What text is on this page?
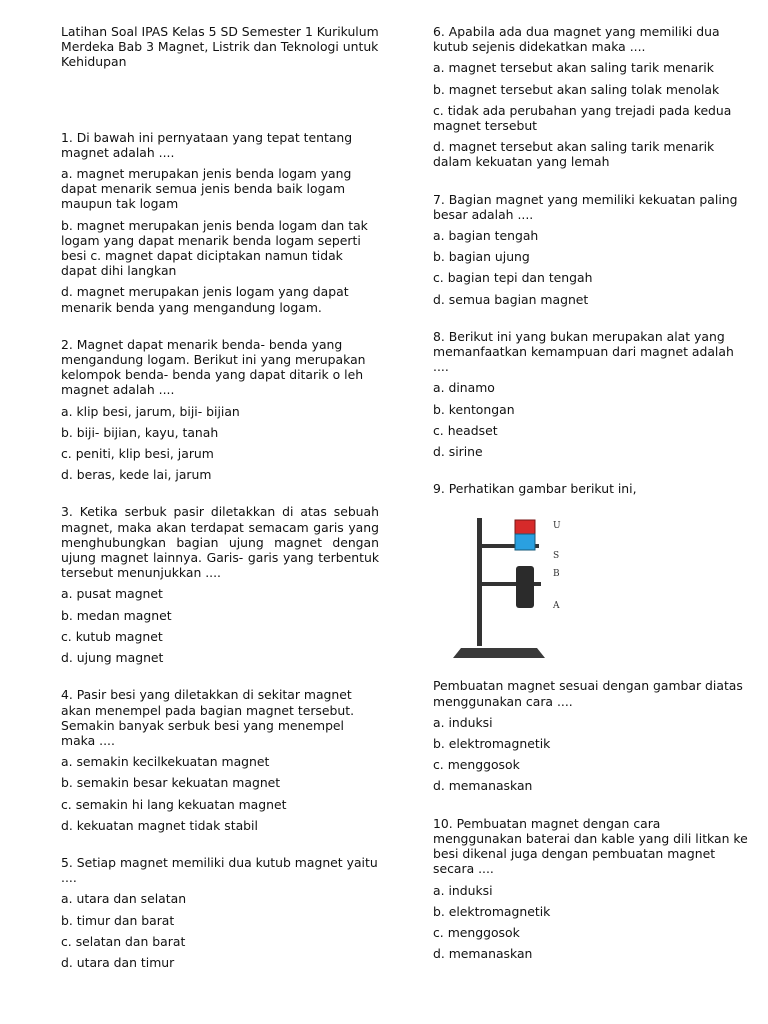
Latihan Soal IPAS Kelas 5 SD Semester 1 Kurikulum Merdeka Bab 3 Magnet, Listrik dan Teknologi untuk Kehidupan

1. Di bawah ini pernyataan yang tepat tentang magnet adalah ....

a. magnet merupakan jenis benda logam yang dapat menarik semua jenis benda baik logam maupun tak logam

b. magnet merupakan jenis benda logam dan tak logam yang dapat menarik benda logam seperti besi c. magnet dapat diciptakan namun tidak dapat dihi langkan

d. magnet merupakan jenis logam yang dapat menarik benda yang mengandung logam.

2. Magnet dapat menarik benda- benda yang mengandung logam. Berikut ini yang merupakan kelompok benda- benda yang dapat ditarik o leh magnet adalah ....

a. klip besi, jarum, biji- bijian

b. biji- bijian, kayu, tanah

c. peniti, klip besi, jarum

d. beras, kede lai, jarum

3. Ketika serbuk pasir diletakkan di atas sebuah magnet, maka akan terdapat semacam garis yang menghubungkan bagian ujung magnet dengan ujung magnet lainnya. Garis- garis yang terbentuk tersebut menunjukkan ....

a. pusat magnet

b. medan magnet

c. kutub magnet

d. ujung magnet

4. Pasir besi yang diletakkan di sekitar magnet akan menempel pada bagian magnet tersebut. Semakin banyak serbuk besi yang menempel maka ....

a. semakin kecilkekuatan magnet

b. semakin besar kekuatan magnet

c. semakin hi lang kekuatan magnet

d. kekuatan magnet tidak stabil

5. Setiap magnet memiliki dua kutub magnet yaitu ....

a. utara dan selatan

b. timur dan barat

c. selatan dan barat

d. utara dan timur

6. Apabila ada dua magnet yang memiliki dua kutub sejenis didekatkan maka ....

a. magnet tersebut akan saling tarik menarik

b. magnet tersebut akan saling tolak menolak

c. tidak ada perubahan yang trejadi pada kedua magnet tersebut

d. magnet tersebut akan saling tarik menarik dalam kekuatan yang lemah

7. Bagian magnet yang memiliki kekuatan paling besar adalah ....

a. bagian tengah

b. bagian ujung

c. bagian tepi dan tengah

d. semua bagian magnet

8. Berikut ini yang bukan merupakan alat yang memanfaatkan kemampuan dari magnet adalah ....

a. dinamo

b. kentongan

c. headset

d. sirine

9. Perhatikan gambar berikut ini,

U
S
B
A

Pembuatan magnet sesuai dengan gambar diatas menggunakan cara ....

a. induksi

b. elektromagnetik

c. menggosok

d. memanaskan

10. Pembuatan magnet dengan cara menggunakan baterai dan kable yang dili litkan ke besi dikenal juga dengan pembuatan magnet secara ....

a. induksi

b. elektromagnetik

c. menggosok

d. memanaskan
